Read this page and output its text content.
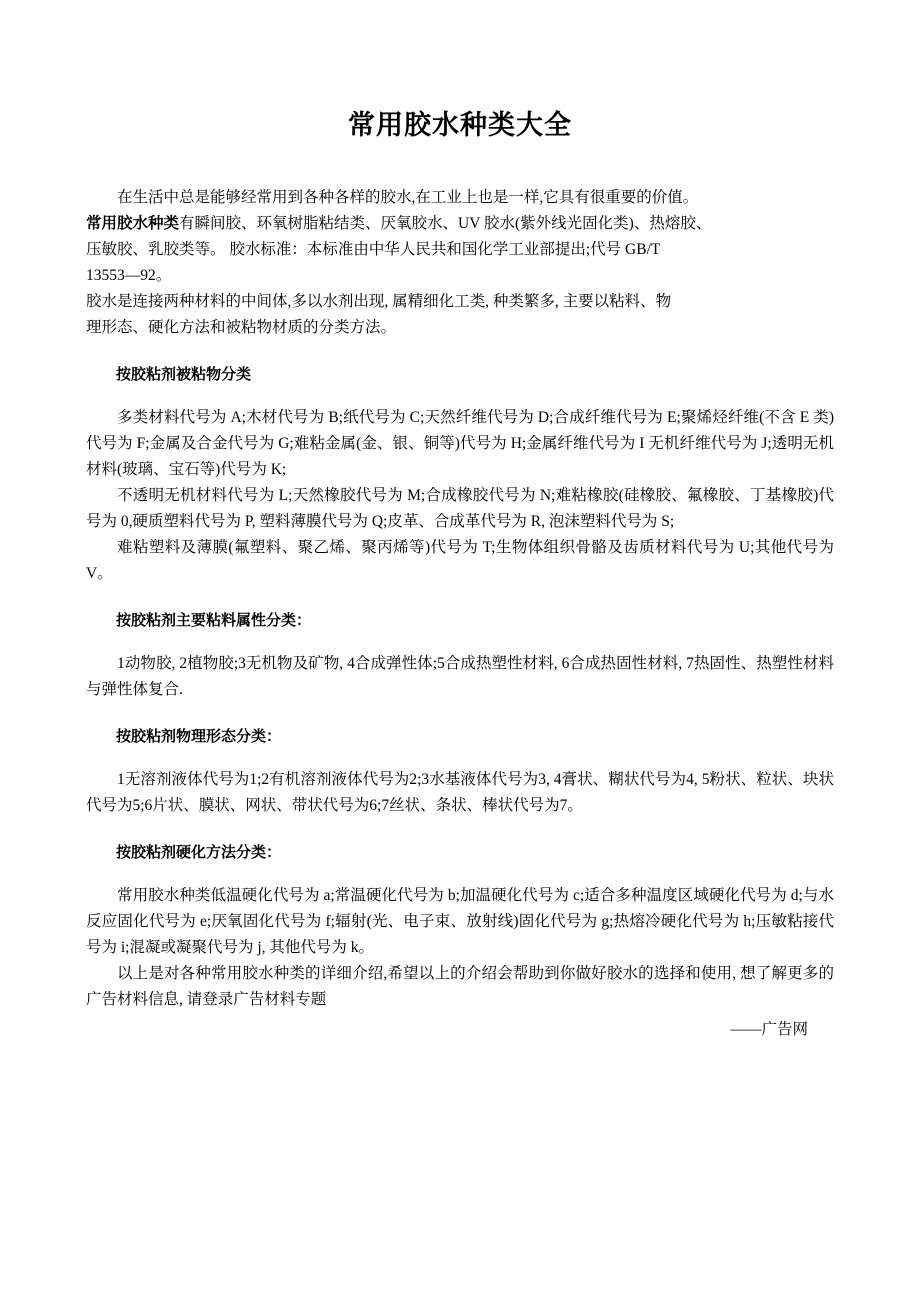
常用胶水种类大全

在生活中总是能够经常用到各种各样的胶水,在工业上也是一样,它具有很重要的价值。

常用胶水种类有瞬间胶、环氧树脂粘结类、厌氧胶水、UV 胶水(紫外线光固化类)、热熔胶、

压敏胶、乳胶类等。 胶水标准：本标准由中华人民共和国化学工业部提出;代号 GB/T

13553—92。

胶水是连接两种材料的中间体,多以水剂出现, 属精细化工类, 种类繁多, 主要以粘料、物

理形态、硬化方法和被粘物材质的分类方法。

按胶粘剂被粘物分类

多类材料代号为 A;木材代号为 B;纸代号为 C;天然纤维代号为 D;合成纤维代号为 E;聚烯烃纤维(不含 E 类)代号为 F;金属及合金代号为 G;难粘金属(金、银、铜等)代号为 H;金属纤维代号为 I 无机纤维代号为 J;透明无机材料(玻璃、宝石等)代号为 K;

不透明无机材料代号为 L;天然橡胶代号为 M;合成橡胶代号为 N;难粘橡胶(硅橡胶、氟橡胶、丁基橡胶)代号为 0,硬质塑料代号为 P, 塑料薄膜代号为 Q;皮革、合成革代号为 R, 泡沫塑料代号为 S;

难粘塑料及薄膜(氟塑料、聚乙烯、聚丙烯等)代号为 T;生物体组织骨骼及齿质材料代号为 U;其他代号为 V。

按胶粘剂主要粘料属性分类：

1动物胶, 2植物胶;3无机物及矿物, 4合成弹性体;5合成热塑性材料, 6合成热固性材料, 7热固性、热塑性材料与弹性体复合.

按胶粘剂物理形态分类：

1无溶剂液体代号为1;2有机溶剂液体代号为2;3水基液体代号为3, 4膏状、糊状代号为4, 5粉状、粒状、块状代号为5;6片状、膜状、网状、带状代号为6;7丝状、条状、棒状代号为7。

按胶粘剂硬化方法分类：

常用胶水种类低温硬化代号为 a;常温硬化代号为 b;加温硬化代号为 c;适合多种温度区域硬化代号为 d;与水反应固化代号为 e;厌氧固化代号为 f;辐射(光、电子束、放射线)固化代号为 g;热熔冷硬化代号为 h;压敏粘接代号为 i;混凝或凝聚代号为 j, 其他代号为 k。

以上是对各种常用胶水种类的详细介绍,希望以上的介绍会帮助到你做好胶水的选择和使用, 想了解更多的广告材料信息, 请登录广告材料专题

——广告网
